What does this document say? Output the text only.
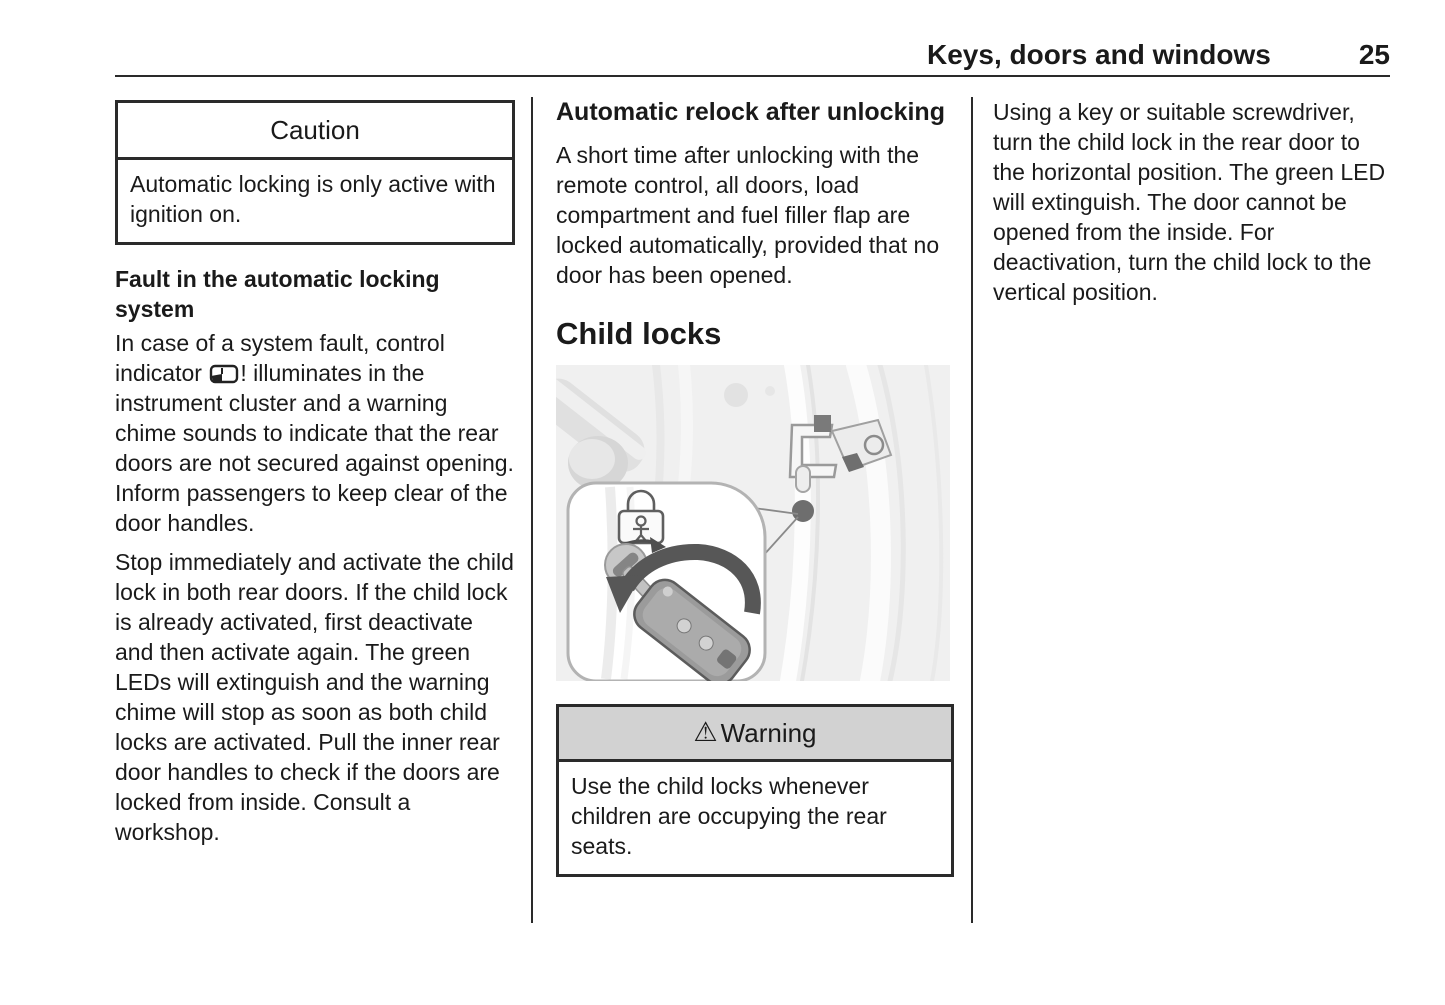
Keys, doors and windows	25
Caution
Automatic locking is only active with ignition on.
Fault in the automatic locking system

In case of a system fault, control indicator ! illuminates in the instrument cluster and a warning chime sounds to indicate that the rear doors are not secured against opening. Inform passengers to keep clear of the door handles.

Stop immediately and activate the child lock in both rear doors. If the child lock is already activated, first deactivate and then activate again. The green LEDs will extinguish and the warning chime will stop as soon as both child locks are activated. Pull the inner rear door handles to check if the doors are locked from inside. Consult a workshop.

Automatic relock after unlocking

A short time after unlocking with the remote control, all doors, load compartment and fuel filler flap are locked automatically, provided that no door has been opened.

Child locks
⚠ Warning
Use the child locks whenever children are occupying the rear seats.

Using a key or suitable screwdriver, turn the child lock in the rear door to the horizontal position. The green LED will extinguish. The door cannot be opened from the inside. For deactivation, turn the child lock to the vertical position.
